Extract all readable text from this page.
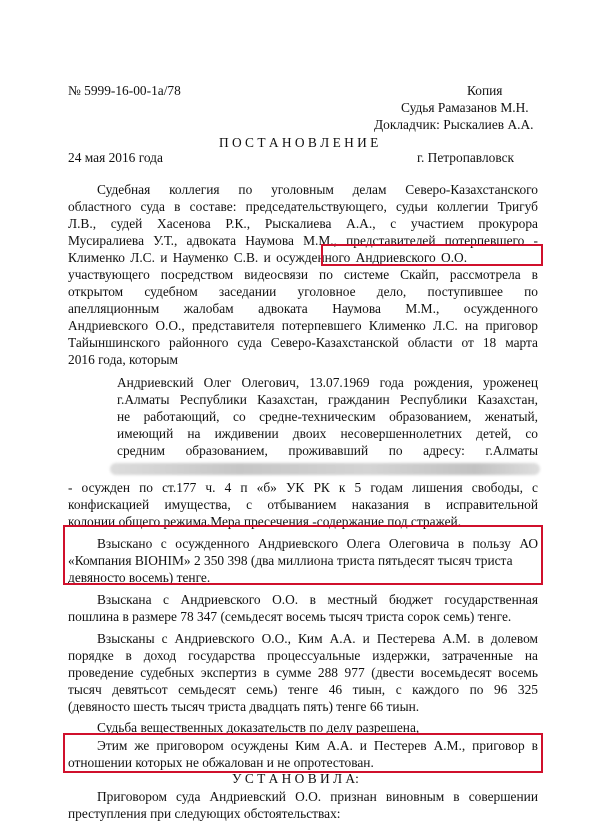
№ 5999-16-00-1а/78	Копия
Судья Рамазанов М.Н.
Докладчик: Рыскалиев А.А.
П О С Т А Н О В Л Е Н И Е
24 мая 2016 года	г. Петропавловск
Судебная коллегия по уголовным делам Северо-Казахстанского
областного суда в составе: председательствующего, судьи коллегии Тригуб
Л.В., судей Хасенова Р.К., Рыскалиева А.А., с участием прокурора
Мусиралиева У.Т., адвоката Наумова М.М., представителей потерпевшего -
Клименко Л.С. и Науменко С.В. и осужденного Андриевского О.О.
участвующего посредством видеосвязи по системе Скайп, рассмотрела в
открытом судебном заседании уголовное дело, поступившее по
апелляционным жалобам адвоката Наумова М.М., осужденного
Андриевского О.О., представителя потерпевшего Клименко Л.С. на приговор
Тайыншинского районного суда Северо-Казахстанской области от 18 марта
2016 года, которым
Андриевский Олег Олегович, 13.07.1969 года рождения, уроженец
г.Алматы Республики Казахстан, гражданин Республики Казахстан,
не работающий, со средне-техническим образованием, женатый,
имеющий на иждивении двоих несовершеннолетних детей, со
средним образованием, проживавший по адресу: г.Алматы
- осужден по ст.177 ч. 4 п «б» УК РК к 5 годам лишения свободы, с
конфискацией имущества, с отбыванием наказания в исправительной
колонии общего режима.Мера пресечения -содержание под стражей.
Взыскано с осужденного Андриевского Олега Олеговича в пользу АО
«Компания BIOHIM» 2 350 398 (два миллиона триста пятьдесят тысяч триста
девяносто восемь) тенге.
Взыскана с Андриевского О.О. в местный бюджет государственная
пошлина в размере 78 347 (семьдесят восемь тысяч триста сорок семь) тенге.
Взысканы с Андриевского О.О., Ким А.А. и Пестерева А.М. в долевом
порядке в доход государства процессуальные издержки, затраченные на
проведение судебных экспертиз в сумме 288 977 (двести восемьдесят восемь
тысяч девятьсот семьдесят семь) тенге 46 тиын, с каждого по 96 325
(девяносто шесть тысяч триста двадцать пять) тенге 66 тиын.
Судьба вещественных доказательств по делу разрешена,
Этим же приговором осуждены Ким А.А. и Пестерев А.М., приговор в
отношении которых не обжалован и не опротестован.
У С Т А Н О В И Л А:
Приговором суда Андриевский О.О. признан виновным в совершении
преступления при следующих обстоятельствах:
